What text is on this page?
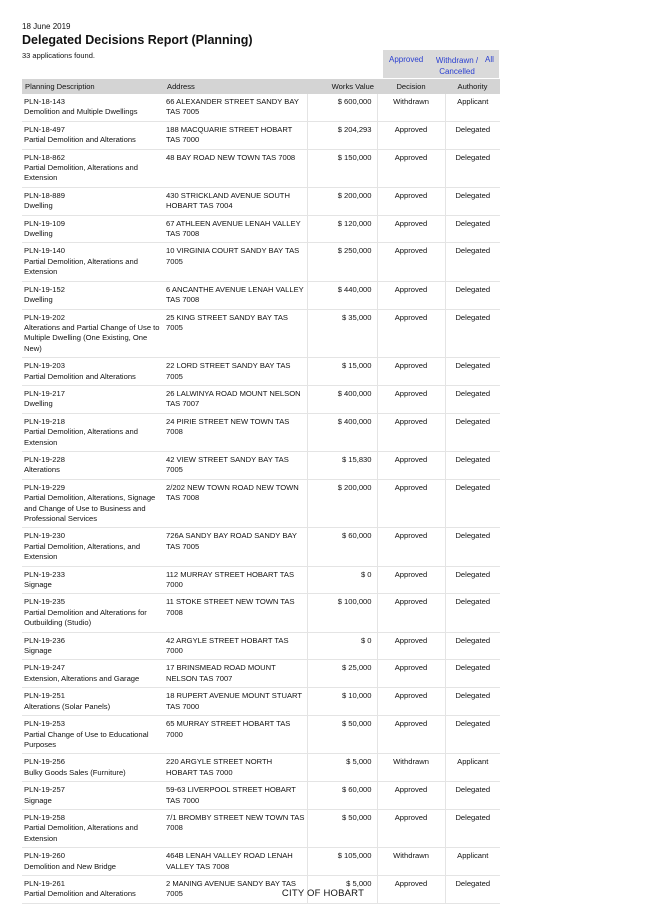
18 June 2019
Delegated Decisions Report (Planning)
33 applications found.	Approved Withdrawn / Cancelled
All
Planning Description	Address	Works Value	Decision	Authority

PLN-18-143
Demolition and Multiple Dwellings	66 ALEXANDER STREET SANDY BAY TAS 7005	$ 600,000	Withdrawn	Applicant

PLN-18-497
Partial Demolition and Alterations	188 MACQUARIE STREET HOBART TAS 7000	$ 204,293	Approved	Delegated

PLN-18-862
Partial Demolition, Alterations and Extension	48 BAY ROAD NEW TOWN TAS 7008	$ 150,000	Approved	Delegated

PLN-18-889
Dwelling	430 STRICKLAND AVENUE SOUTH HOBART TAS 7004	$ 200,000	Approved	Delegated

PLN-19-109
Dwelling	67 ATHLEEN AVENUE LENAH VALLEY TAS 7008	$ 120,000	Approved	Delegated

PLN-19-140
Partial Demolition, Alterations and Extension	10 VIRGINIA COURT SANDY BAY TAS 7005	$ 250,000	Approved	Delegated

PLN-19-152
Dwelling	6 ANCANTHE AVENUE LENAH VALLEY TAS 7008	$ 440,000	Approved	Delegated

PLN-19-202
Alterations and Partial Change of Use to Multiple Dwelling (One Existing, One New)	25 KING STREET SANDY BAY TAS 7005	$ 35,000	Approved	Delegated

PLN-19-203
Partial Demolition and Alterations	22 LORD STREET SANDY BAY TAS 7005	$ 15,000	Approved	Delegated

PLN-19-217
Dwelling	26 LALWINYA ROAD MOUNT NELSON TAS 7007	$ 400,000	Approved	Delegated

PLN-19-218
Partial Demolition, Alterations and Extension	24 PIRIE STREET NEW TOWN TAS 7008	$ 400,000	Approved	Delegated

PLN-19-228
Alterations	42 VIEW STREET SANDY BAY TAS 7005	$ 15,830	Approved	Delegated

PLN-19-229
Partial Demolition, Alterations, Signage and Change of Use to Business and Professional Services	2/202 NEW TOWN ROAD NEW TOWN TAS 7008	$ 200,000	Approved	Delegated

PLN-19-230
Partial Demolition, Alterations, and Extension	726A SANDY BAY ROAD SANDY BAY TAS 7005	$ 60,000	Approved	Delegated

PLN-19-233
Signage	112 MURRAY STREET HOBART TAS 7000	$ 0	Approved	Delegated

PLN-19-235
Partial Demolition and Alterations for Outbuilding (Studio)	11 STOKE STREET NEW TOWN TAS 7008	$ 100,000	Approved	Delegated

PLN-19-236
Signage	42 ARGYLE STREET HOBART TAS 7000	$ 0	Approved	Delegated

PLN-19-247
Extension, Alterations and Garage	17 BRINSMEAD ROAD MOUNT NELSON TAS 7007	$ 25,000	Approved	Delegated

PLN-19-251
Alterations (Solar Panels)	18 RUPERT AVENUE MOUNT STUART TAS 7000	$ 10,000	Approved	Delegated

PLN-19-253
Partial Change of Use to Educational Purposes	65 MURRAY STREET HOBART TAS 7000	$ 50,000	Approved	Delegated

PLN-19-256
Bulky Goods Sales (Furniture)	220 ARGYLE STREET NORTH HOBART TAS 7000	$ 5,000	Withdrawn	Applicant

PLN-19-257
Signage	59-63 LIVERPOOL STREET HOBART TAS 7000	$ 60,000	Approved	Delegated

PLN-19-258
Partial Demolition, Alterations and Extension	7/1 BROMBY STREET NEW TOWN TAS 7008	$ 50,000	Approved	Delegated

PLN-19-260
Demolition and New Bridge	464B LENAH VALLEY ROAD LENAH VALLEY TAS 7008	$ 105,000	Withdrawn	Applicant

PLN-19-261
Partial Demolition and Alterations	2 MANING AVENUE SANDY BAY TAS 7005	$ 5,000	Approved	Delegated
CITY OF HOBART
